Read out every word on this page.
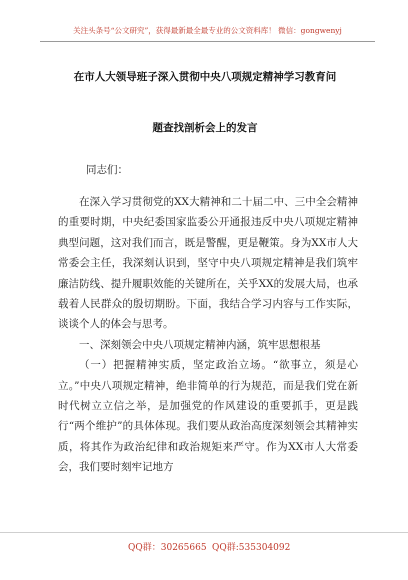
关注头条号“公文研究”，获得最新最全最专业的公文资料库！ 微信：gongwenyj
在市人大领导班子深入贯彻中央八项规定精神学习教育问
题查找剖析会上的发言
同志们：

在深入学习贯彻党的XX大精神和二十届二中、三中全会精神的重要时期，中央纪委国家监委公开通报违反中央八项规定精神典型问题，这对我们而言，既是警醒，更是鞭策。身为XX市人大常委会主任，我深刻认识到，坚守中央八项规定精神是我们筑牢廉洁防线、提升履职效能的关键所在，关乎XX的发展大局，也承载着人民群众的殷切期盼。下面，我结合学习内容与工作实际，谈谈个人的体会与思考。

一、深刻领会中央八项规定精神内涵，筑牢思想根基

（一）把握精神实质，坚定政治立场。“欲事立，须是心立。”中央八项规定精神，绝非简单的行为规范，而是我们党在新时代树立立信之举，是加强党的作风建设的重要抓手，更是践行“两个维护”的具体体现。我们要从政治高度深刻领会其精神实质，将其作为政治纪律和政治规矩来严守。作为XX市人大常委会，我们要时刻牢记地方

QQ群：30265665 QQ群:535304092
